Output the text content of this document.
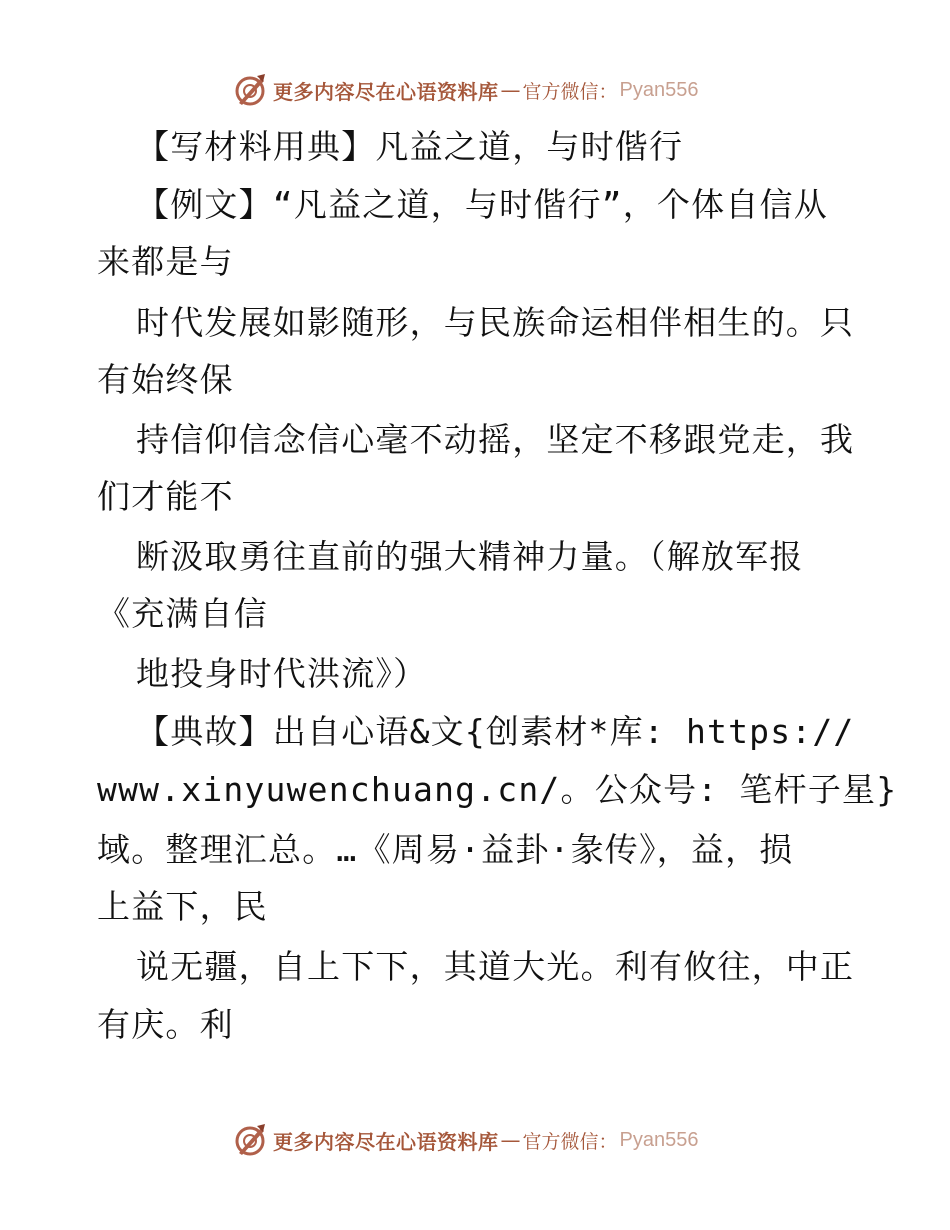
更多内容尽在心语资料库 — 官方微信： Pyan556
【写材料用典】凡益之道，与时偕行
【例文】“凡益之道，与时偕行”，个体自信从
来都是与
时代发展如影随形，与民族命运相伴相生的。只
有始终保
持信仰信念信心毫不动摇，坚定不移跟党走，我
们才能不
断汲取勇往直前的强大精神力量。（解放军报
《充满自信
地投身时代洪流》）
【典故】出自心语&文{创素材*库: https://
www.xinyuwenchuang.cn/。公众号: 笔杆子星}
域。整理汇总。…《周易·益卦·彖传》，益，损
上益下，民
说无疆，自上下下，其道大光。利有攸往，中正
有庆。利
更多内容尽在心语资料库 — 官方微信： Pyan556
